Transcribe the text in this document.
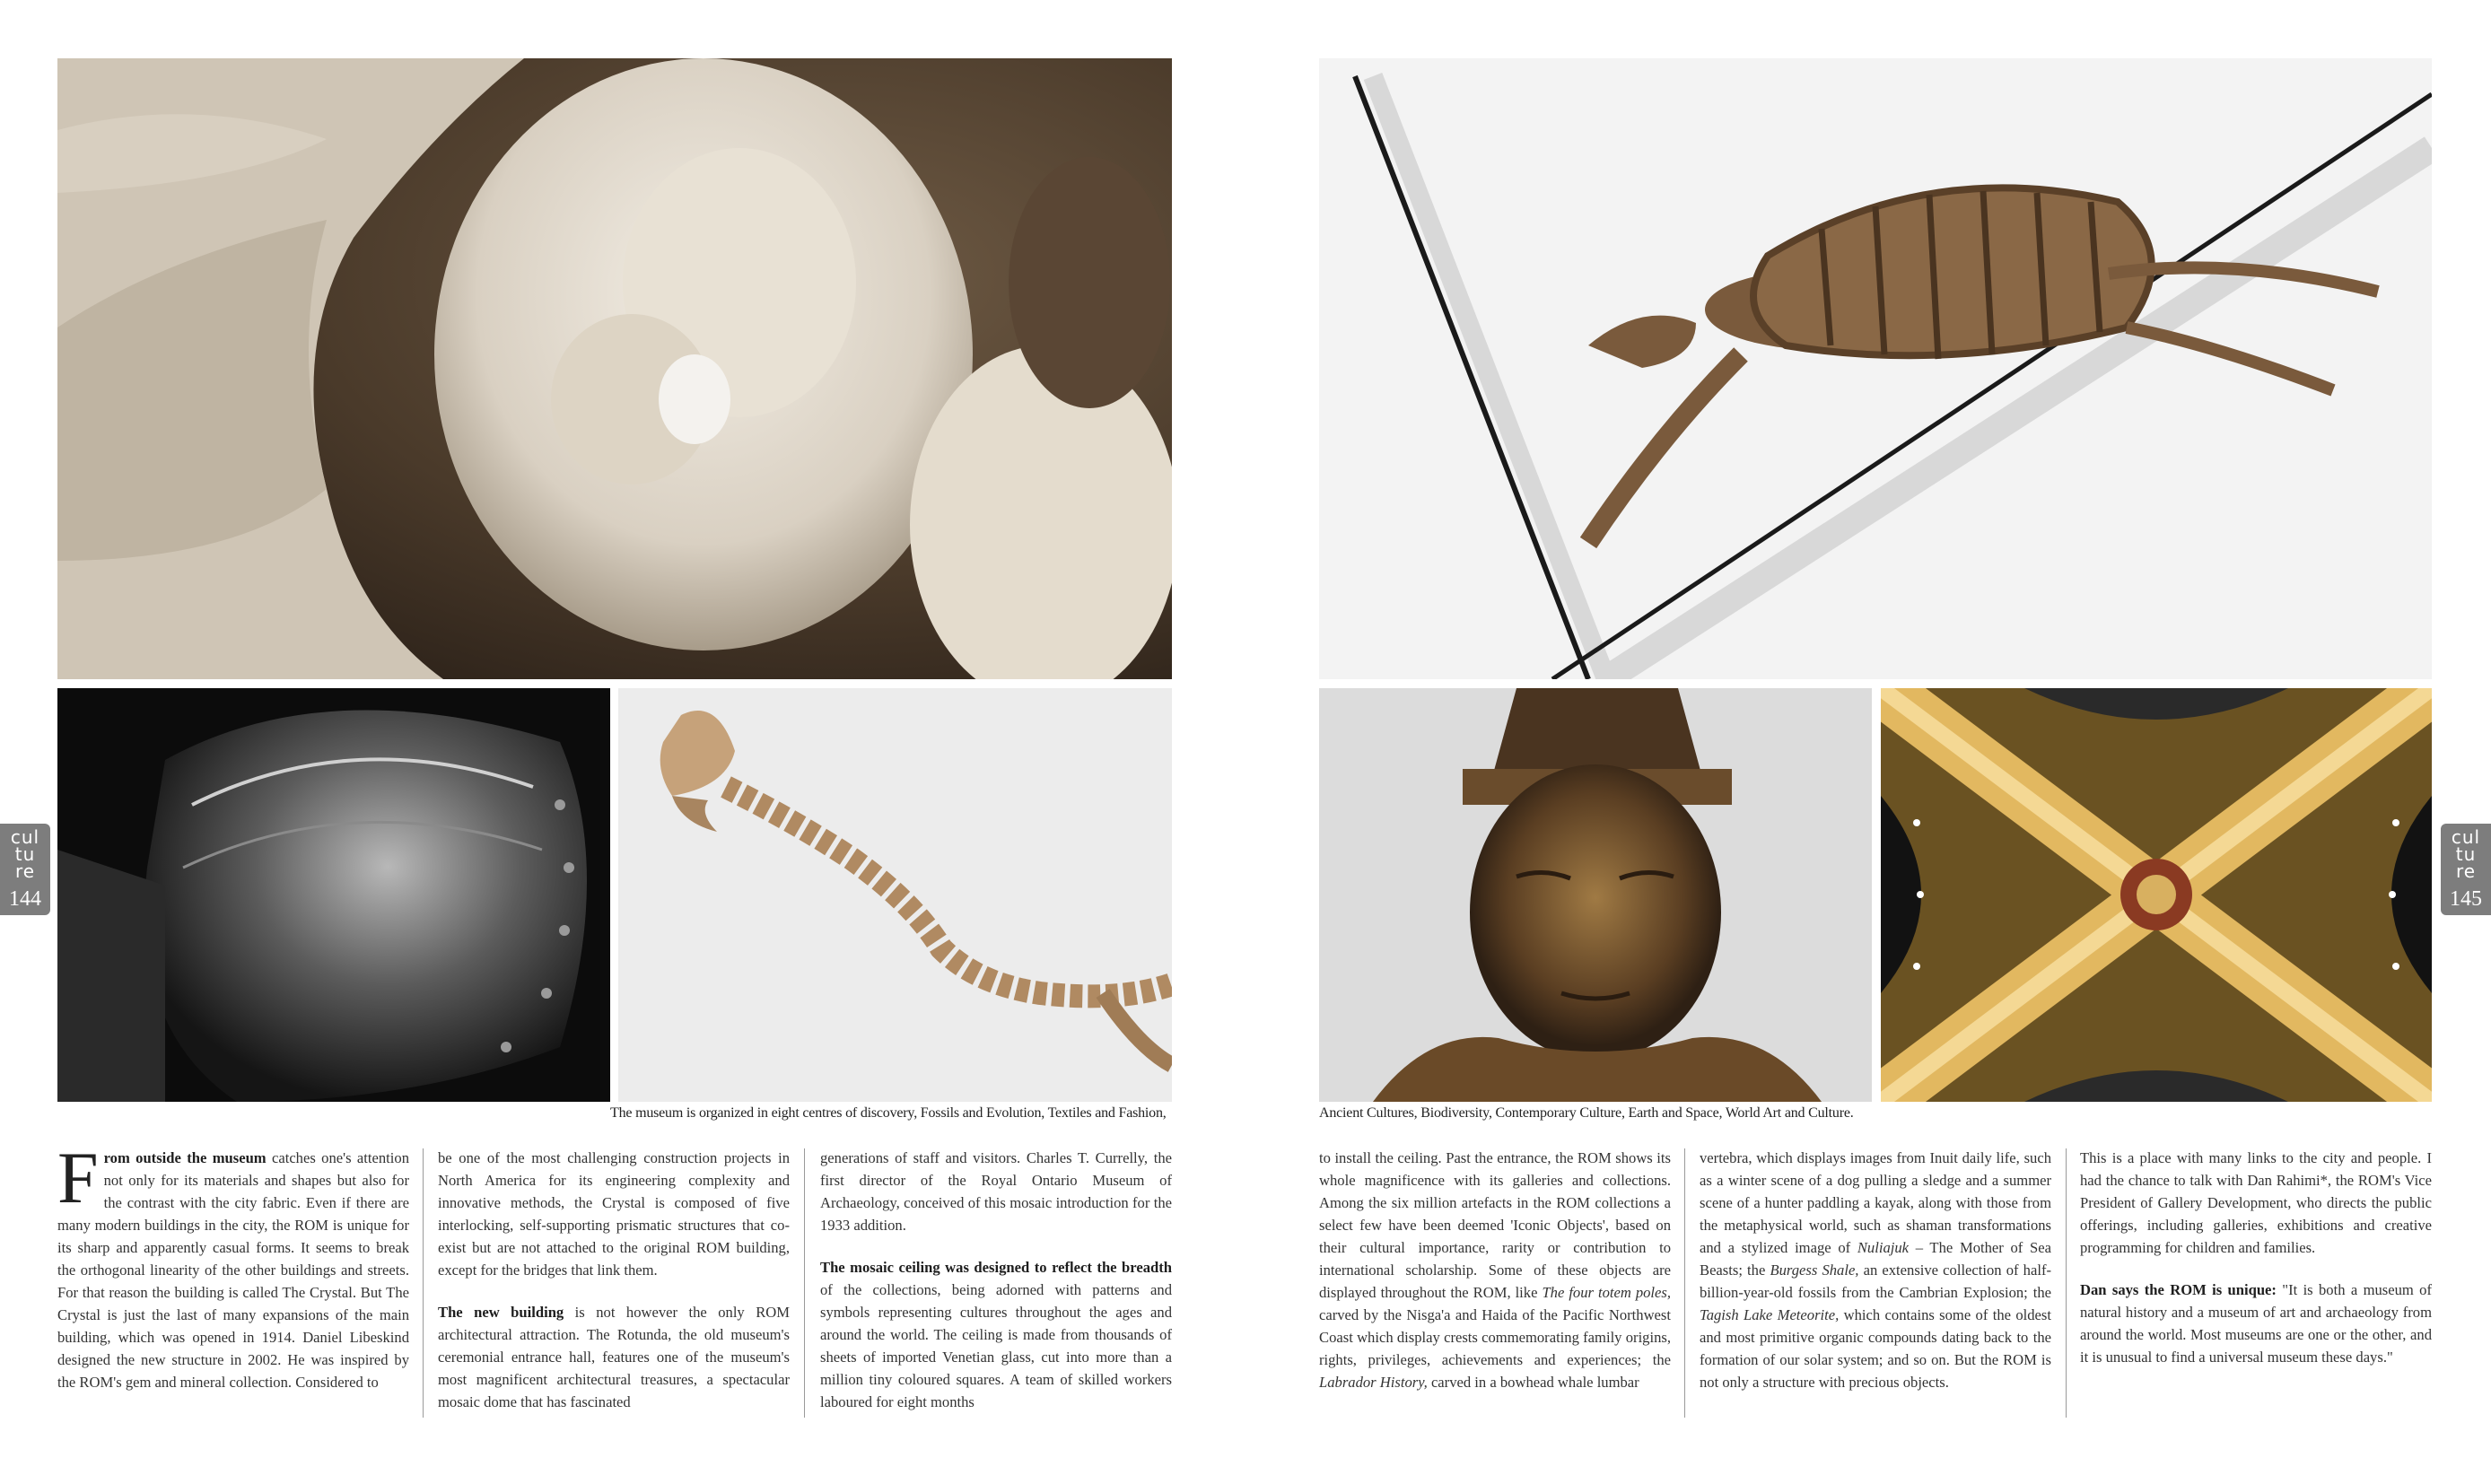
The museum is organized in eight centres of discovery, Fossils and Evolution, Textiles and Fashion,
cul
tu
re
144

From outside the museum catches one's attention not only for its materials and shapes but also for the contrast with the city fabric. Even if there are many modern buildings in the city, the ROM is unique for its sharp and apparently casual forms. It seems to break the orthogonal linearity of the other buildings and streets. For that reason the building is called The Crystal. But The Crystal is just the last of many expansions of the main building, which was opened in 1914. Daniel Libeskind designed the new structure in 2002. He was inspired by the ROM's gem and mineral collection. Considered to

be one of the most challenging construction projects in North America for its engineering complexity and innovative methods, the Crystal is composed of five interlocking, self-supporting prismatic structures that co-exist but are not attached to the original ROM building, except for the bridges that link them.

The new building is not however the only ROM architectural attraction. The Rotunda, the old museum's ceremonial entrance hall, features one of the museum's most magnificent architectural treasures, a spectacular mosaic dome that has fascinated

generations of staff and visitors. Charles T. Currelly, the first director of the Royal Ontario Museum of Archaeology, conceived of this mosaic introduction for the 1933 addition.

The mosaic ceiling was designed to reflect the breadth of the collections, being adorned with patterns and symbols representing cultures throughout the ages and around the world. The ceiling is made from thousands of sheets of imported Venetian glass, cut into more than a million tiny coloured squares. A team of skilled workers laboured for eight months

Ancient Cultures, Biodiversity, Contemporary Culture, Earth and Space, World Art and Culture.
cul
tu
re
145

to install the ceiling. Past the entrance, the ROM shows its whole magnificence with its galleries and collections. Among the six million artefacts in the ROM collections a select few have been deemed 'Iconic Objects', based on their cultural importance, rarity or contribution to international scholarship. Some of these objects are displayed throughout the ROM, like The four totem poles, carved by the Nisga'a and Haida of the Pacific Northwest Coast which display crests commemorating family origins, rights, privileges, achievements and experiences; the Labrador History, carved in a bowhead whale lumbar

vertebra, which displays images from Inuit daily life, such as a winter scene of a dog pulling a sledge and a summer scene of a hunter paddling a kayak, along with those from the metaphysical world, such as shaman transformations and a stylized image of Nuliajuk – The Mother of Sea Beasts; the Burgess Shale, an extensive collection of half-billion-year-old fossils from the Cambrian Explosion; the Tagish Lake Meteorite, which contains some of the oldest and most primitive organic compounds dating back to the formation of our solar system; and so on. But the ROM is not only a structure with precious objects.

This is a place with many links to the city and people. I had the chance to talk with Dan Rahimi*, the ROM's Vice President of Gallery Development, who directs the public offerings, including galleries, exhibitions and creative programming for children and families.

Dan says the ROM is unique: "It is both a museum of natural history and a museum of art and archaeology from around the world. Most museums are one or the other, and it is unusual to find a universal museum these days."
